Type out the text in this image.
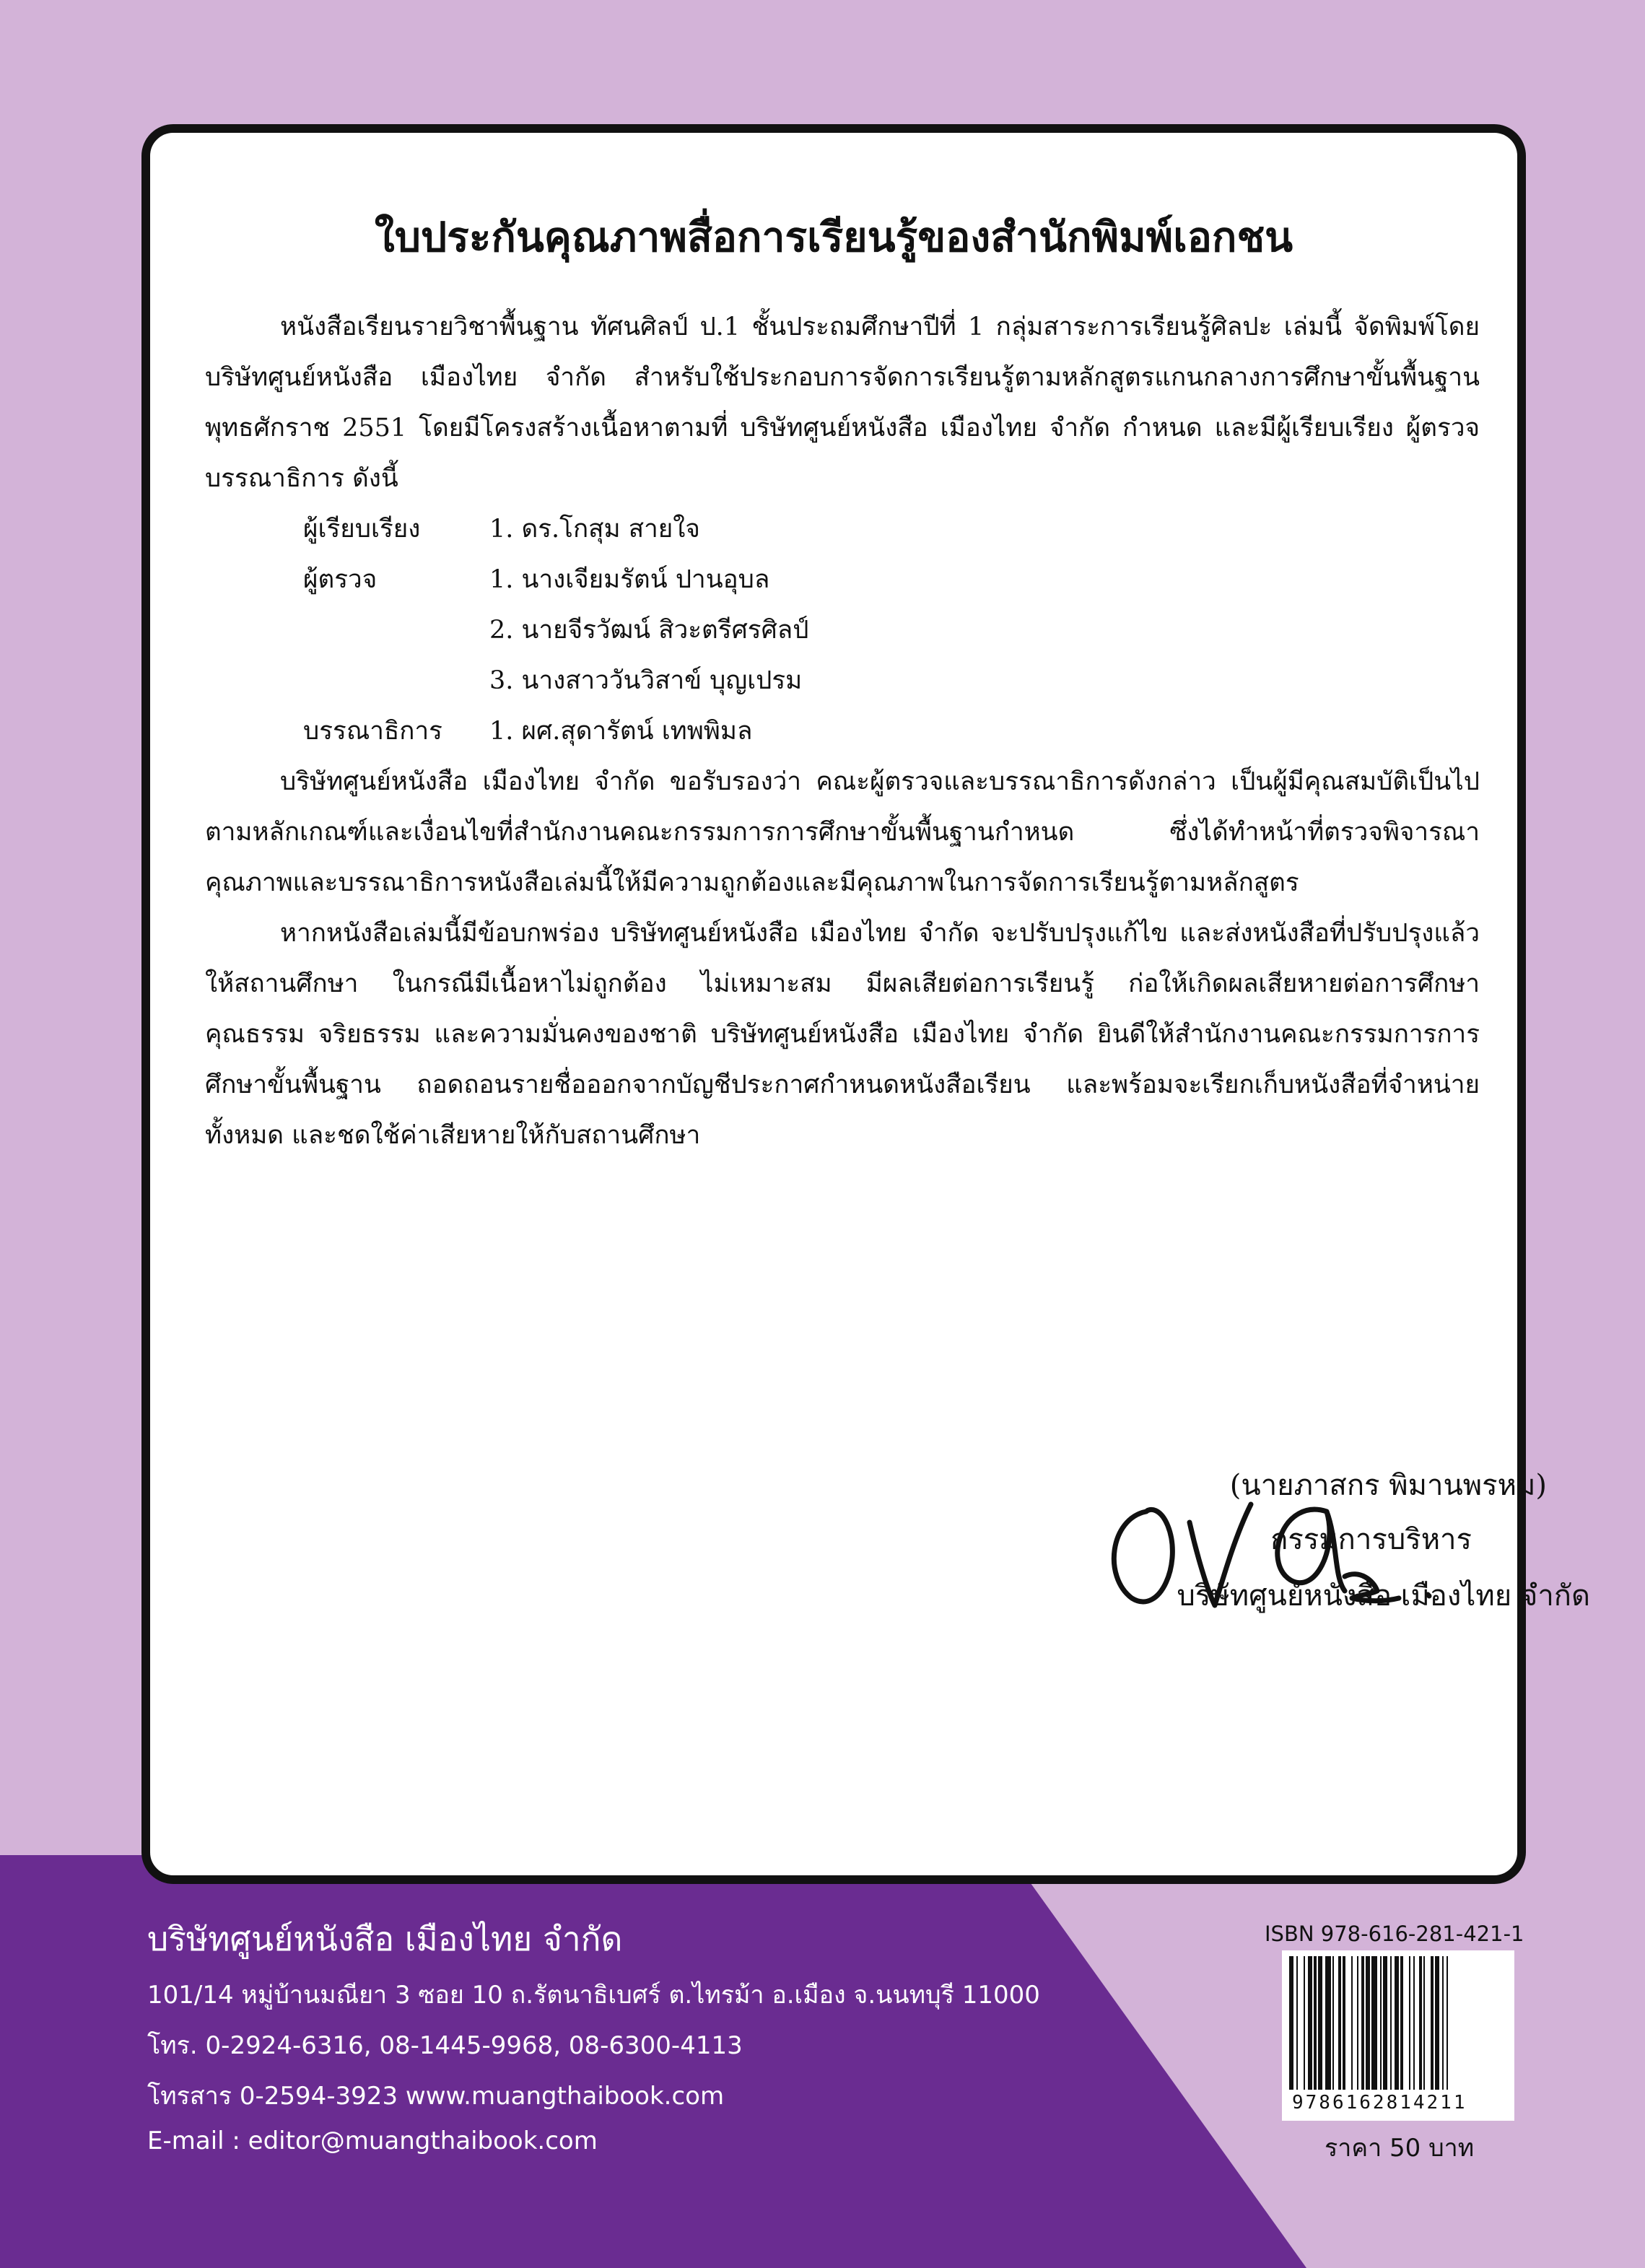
ใบประกันคุณภาพสื่อการเรียนรู้ของสำนักพิมพ์เอกชน

หนังสือเรียนรายวิชาพื้นฐาน ทัศนศิลป์ ป.1 ชั้นประถมศึกษาปีที่ 1 กลุ่มสาระการเรียนรู้ศิลปะ เล่มนี้ จัดพิมพ์โดย บริษัทศูนย์หนังสือ เมืองไทย จำกัด สำหรับใช้ประกอบการจัดการเรียนรู้ตามหลักสูตรแกนกลางการศึกษาขั้นพื้นฐาน พุทธศักราช 2551 โดยมีโครงสร้างเนื้อหาตามที่ บริษัทศูนย์หนังสือ เมืองไทย จำกัด กำหนด และมีผู้เรียบเรียง ผู้ตรวจ บรรณาธิการ ดังนี้

ผู้เรียบเรียง	1. ดร.โกสุม สายใจ
ผู้ตรวจ	1. นางเจียมรัตน์ ปานอุบล
2. นายจีรวัฒน์ สิวะตรีศรศิลป์
3. นางสาววันวิสาข์ บุญเปรม
บรรณาธิการ	1. ผศ.สุดารัตน์ เทพพิมล

บริษัทศูนย์หนังสือ เมืองไทย จำกัด ขอรับรองว่า คณะผู้ตรวจและบรรณาธิการดังกล่าว เป็นผู้มีคุณสมบัติเป็นไปตามหลักเกณฑ์และเงื่อนไขที่สำนักงานคณะกรรมการการศึกษาขั้นพื้นฐานกำหนด ซึ่งได้ทำหน้าที่ตรวจพิจารณาคุณภาพและบรรณาธิการหนังสือเล่มนี้ให้มีความถูกต้องและมีคุณภาพในการจัดการเรียนรู้ตามหลักสูตร

หากหนังสือเล่มนี้มีข้อบกพร่อง บริษัทศูนย์หนังสือ เมืองไทย จำกัด จะปรับปรุงแก้ไข และส่งหนังสือที่ปรับปรุงแล้วให้สถานศึกษา ในกรณีมีเนื้อหาไม่ถูกต้อง ไม่เหมาะสม มีผลเสียต่อการเรียนรู้ ก่อให้เกิดผลเสียหายต่อการศึกษา คุณธรรม จริยธรรม และความมั่นคงของชาติ บริษัทศูนย์หนังสือ เมืองไทย จำกัด ยินดีให้สำนักงานคณะกรรมการการศึกษาขั้นพื้นฐาน ถอดถอนรายชื่อออกจากบัญชีประกาศกำหนดหนังสือเรียน และพร้อมจะเรียกเก็บหนังสือที่จำหน่ายทั้งหมด และชดใช้ค่าเสียหายให้กับสถานศึกษา

(นายภาสกร พิมานพรหม)
กรรมการบริหาร
บริษัทศูนย์หนังสือ เมืองไทย จำกัด
บริษัทศูนย์หนังสือ เมืองไทย จำกัด
101/14 หมู่บ้านมณียา 3 ซอย 10 ถ.รัตนาธิเบศร์ ต.ไทรม้า อ.เมือง จ.นนทบุรี 11000
โทร. 0-2924-6316, 08-1445-9968, 08-6300-4113
โทรสาร 0-2594-3923 www.muangthaibook.com
E-mail : editor@muangthaibook.com
ISBN 978-616-281-421-1
9786162814211
ราคา 50 บาท
